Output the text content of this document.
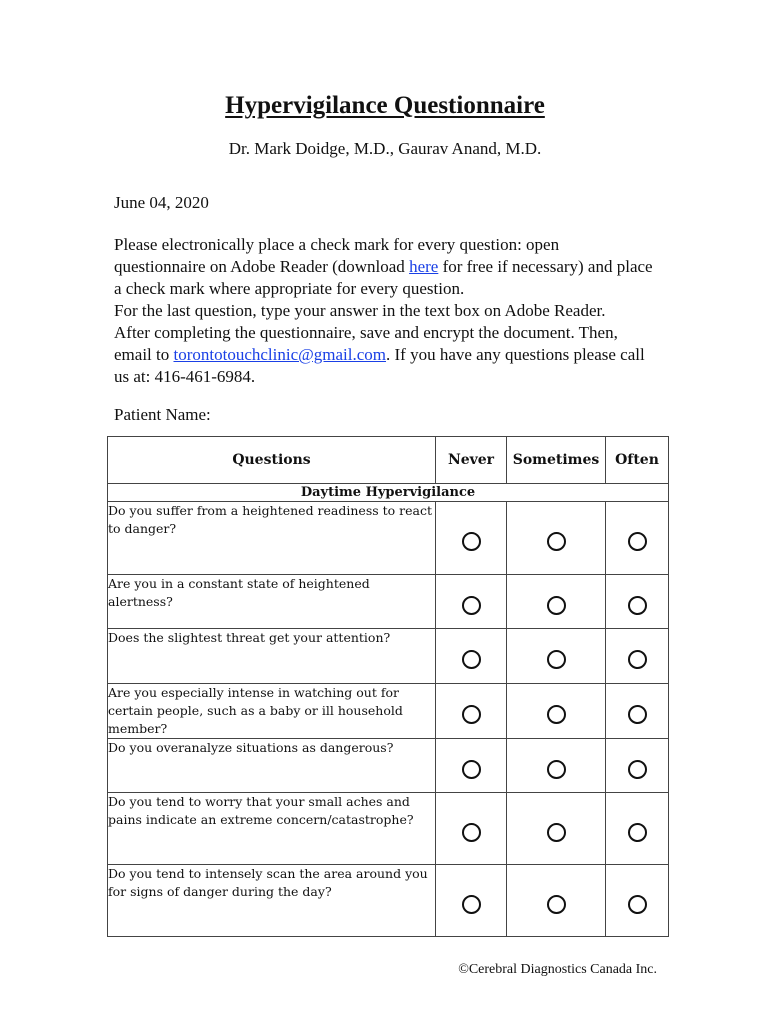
Hypervigilance Questionnaire
Dr. Mark Doidge, M.D., Gaurav Anand, M.D.
June 04, 2020

Please electronically place a check mark for every question: open questionnaire on Adobe Reader (download here for free if necessary) and place a check mark where appropriate for every question.

For the last question, type your answer in the text box on Adobe Reader.

After completing the questionnaire, save and encrypt the document. Then, email to torontotouchclinic@gmail.com. If you have any questions please call us at: 416-461-6984.

Patient Name:
Questions	Never	Sometimes	Often
Daytime Hypervigilance			
Do you suffer from a heightened readiness to react to danger?			
Are you in a constant state of heightened alertness?			
Does the slightest threat get your attention?			
Are you especially intense in watching out for certain people, such as a baby or ill household member?			
Do you overanalyze situations as dangerous?			
Do you tend to worry that your small aches and pains indicate an extreme concern/catastrophe?			
Do you tend to intensely scan the area around you for signs of danger during the day?			
©Cerebral Diagnostics Canada Inc.
